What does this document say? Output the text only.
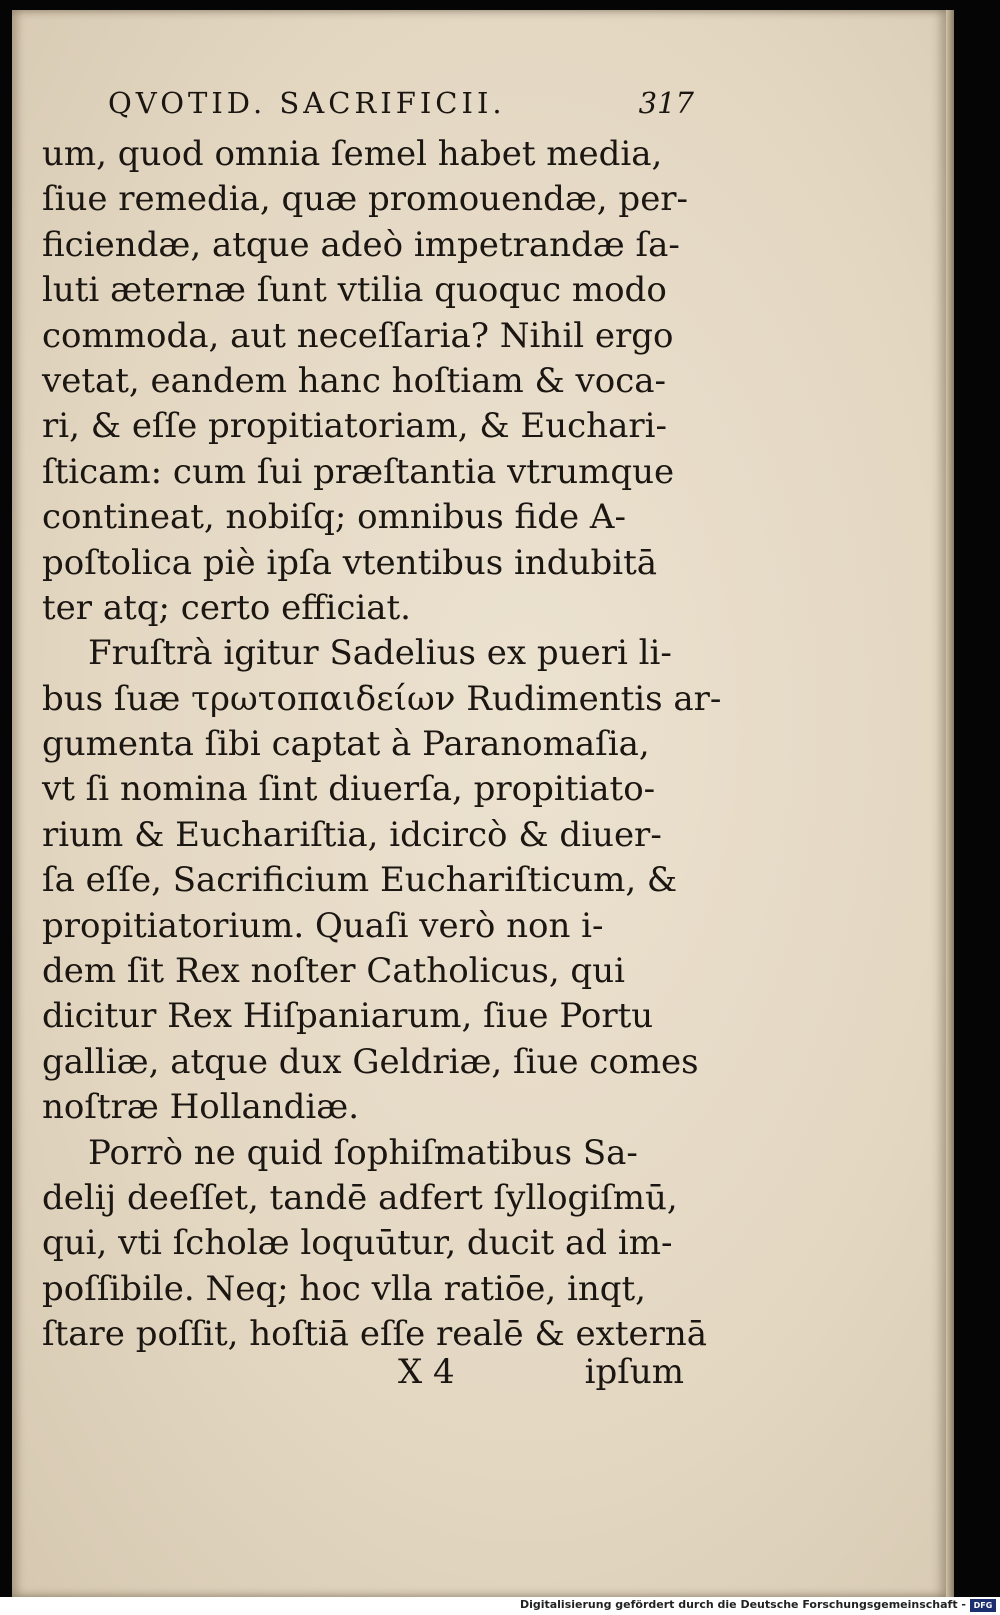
QVOTID. SACRIFICII.	317
um, quod omnia ſemel habet media,
ſiue remedia, quæ promouendæ, per-
ficiendæ, atque adeò impetrandæ ſa-
luti æternæ ſunt vtilia quoquc modo
commoda, aut neceſſaria? Nihil ergo
vetat, eandem hanc hoſtiam & voca-
ri, & eſſe propitiatoriam, & Euchari-
ſticam: cum ſui præſtantia vtrumque
contineat, nobiſq; omnibus fide A-
poſtolica piè ipſa vtentibus indubitā
ter atq; certo efficiat.
Fruſtrà igitur Sadelius ex pueri li-
bus ſuæ τρωτοπαιδείων Rudimentis ar-
gumenta ſibi captat à Paranomaſia,
vt ſi nomina ſint diuerſa, propitiato-
rium & Euchariſtia, idcircò & diuer-
ſa eſſe, Sacrificium Euchariſticum, &
propitiatorium. Quaſi verò non i-
dem ſit Rex noſter Catholicus, qui
dicitur Rex Hiſpaniarum, ſiue Portu
galliæ, atque dux Geldriæ, ſiue comes
noſtræ Hollandiæ.
Porrò ne quid ſophiſmatibus Sa-
delij deeſſet, tandē adfert ſyllogiſmū,
qui, vti ſcholæ loquūtur, ducit ad im-
poſſibile. Neq; hoc vlla ratiōe, inqt,
ſtare poſſit, hoſtiā eſſe realē & externā
X 4	ipſum
Digitalisierung gefördert durch die Deutsche Forschungsgemeinschaft - DFG
